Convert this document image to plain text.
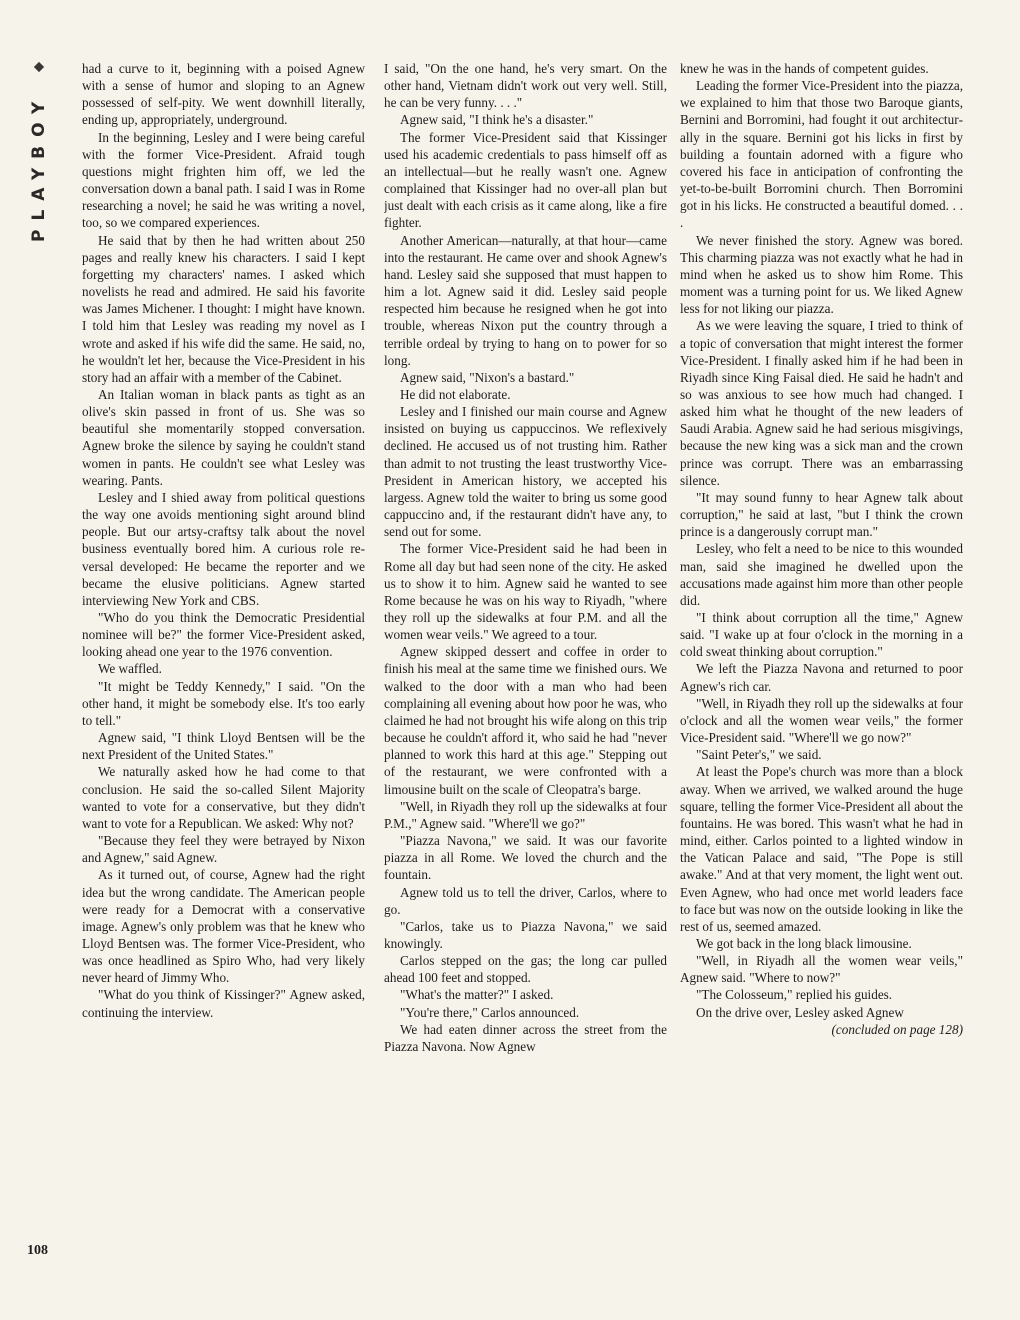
⬥
PLAYBOY

had a curve to it, beginning with a poised Agnew with a sense of humor and sloping to an Agnew possessed of self-pity. We went downhill literally, ending up, appropriately, underground.

In the beginning, Lesley and I were being careful with the former Vice-President. Afraid tough questions might frighten him off, we led the conversation down a banal path. I said I was in Rome researching a novel; he said he was writing a novel, too, so we compared experiences.

He said that by then he had written about 250 pages and really knew his characters. I said I kept forgetting my characters' names. I asked which novelists he read and admired. He said his favorite was James Michener. I thought: I might have known. I told him that Lesley was reading my novel as I wrote and asked if his wife did the same. He said, no, he wouldn't let her, because the Vice-President in his story had an affair with a member of the Cabinet.

An Italian woman in black pants as tight as an olive's skin passed in front of us. She was so beautiful she momentarily stopped conversation. Agnew broke the silence by saying he couldn't stand women in pants. He couldn't see what Lesley was wearing. Pants.

Lesley and I shied away from political questions the way one avoids mentioning sight around blind people. But our artsy-craftsy talk about the novel business eventually bored him. A curious role reversal developed: He became the reporter and we became the elusive politicians. Agnew started interviewing New York and CBS.

"Who do you think the Democratic Presidential nominee will be?" the former Vice-President asked, looking ahead one year to the 1976 convention.

We waffled.

"It might be Teddy Kennedy," I said. "On the other hand, it might be somebody else. It's too early to tell."

Agnew said, "I think Lloyd Bentsen will be the next President of the United States."

We naturally asked how he had come to that conclusion. He said the so-called Silent Majority wanted to vote for a conservative, but they didn't want to vote for a Republican. We asked: Why not?

"Because they feel they were betrayed by Nixon and Agnew," said Agnew.

As it turned out, of course, Agnew had the right idea but the wrong candidate. The American people were ready for a Democrat with a conservative image. Agnew's only problem was that he knew who Lloyd Bentsen was. The former Vice-President, who was once headlined as Spiro Who, had very likely never heard of Jimmy Who.

"What do you think of Kissinger?" Agnew asked, continuing the interview.

I said, "On the one hand, he's very smart. On the other hand, Vietnam didn't work out very well. Still, he can be very funny. . . ."

Agnew said, "I think he's a disaster."

The former Vice-President said that Kissinger used his academic credentials to pass himself off as an intellectual—but he really wasn't one. Agnew complained that Kissinger had no over-all plan but just dealt with each crisis as it came along, like a fire fighter.

Another American—naturally, at that hour—came into the restaurant. He came over and shook Agnew's hand. Lesley said she supposed that must happen to him a lot. Agnew said it did. Lesley said people respected him because he resigned when he got into trouble, whereas Nixon put the country through a terrible ordeal by trying to hang on to power for so long.

Agnew said, "Nixon's a bastard."

He did not elaborate.

Lesley and I finished our main course and Agnew insisted on buying us cappuccinos. We reflexively declined. He accused us of not trusting him. Rather than admit to not trusting the least trustworthy Vice-President in American history, we accepted his largess. Agnew told the waiter to bring us some good cappuccino and, if the restaurant didn't have any, to send out for some.

The former Vice-President said he had been in Rome all day but had seen none of the city. He asked us to show it to him. Agnew said he wanted to see Rome because he was on his way to Riyadh, "where they roll up the sidewalks at four P.M. and all the women wear veils." We agreed to a tour.

Agnew skipped dessert and coffee in order to finish his meal at the same time we finished ours. We walked to the door with a man who had been complaining all evening about how poor he was, who claimed he had not brought his wife along on this trip because he couldn't afford it, who said he had "never planned to work this hard at this age." Stepping out of the restaurant, we were confronted with a limousine built on the scale of Cleopatra's barge.

"Well, in Riyadh they roll up the sidewalks at four P.M.," Agnew said. "Where'll we go?"

"Piazza Navona," we said. It was our favorite piazza in all Rome. We loved the church and the fountain.

Agnew told us to tell the driver, Carlos, where to go.

"Carlos, take us to Piazza Navona," we said knowingly.

Carlos stepped on the gas; the long car pulled ahead 100 feet and stopped.

"What's the matter?" I asked.

"You're there," Carlos announced.

We had eaten dinner across the street from the Piazza Navona. Now Agnew

knew he was in the hands of competent guides.

Leading the former Vice-President into the piazza, we explained to him that those two Baroque giants, Bernini and Borromini, had fought it out architecturally in the square. Bernini got his licks in first by building a fountain adorned with a figure who covered his face in anticipation of confronting the yet-to-be-built Borromini church. Then Borromini got in his licks. He constructed a beautiful domed. . . .

We never finished the story. Agnew was bored. This charming piazza was not exactly what he had in mind when he asked us to show him Rome. This moment was a turning point for us. We liked Agnew less for not liking our piazza.

As we were leaving the square, I tried to think of a topic of conversation that might interest the former Vice-President. I finally asked him if he had been in Riyadh since King Faisal died. He said he hadn't and so was anxious to see how much had changed. I asked him what he thought of the new leaders of Saudi Arabia. Agnew said he had serious misgivings, because the new king was a sick man and the crown prince was corrupt. There was an embarrassing silence.

"It may sound funny to hear Agnew talk about corruption," he said at last, "but I think the crown prince is a dangerously corrupt man."

Lesley, who felt a need to be nice to this wounded man, said she imagined he dwelled upon the accusations made against him more than other people did.

"I think about corruption all the time," Agnew said. "I wake up at four o'clock in the morning in a cold sweat thinking about corruption."

We left the Piazza Navona and returned to poor Agnew's rich car.

"Well, in Riyadh they roll up the sidewalks at four o'clock and all the women wear veils," the former Vice-President said. "Where'll we go now?"

"Saint Peter's," we said.

At least the Pope's church was more than a block away. When we arrived, we walked around the huge square, telling the former Vice-President all about the fountains. He was bored. This wasn't what he had in mind, either. Carlos pointed to a lighted window in the Vatican Palace and said, "The Pope is still awake." And at that very moment, the light went out. Even Agnew, who had once met world leaders face to face but was now on the outside looking in like the rest of us, seemed amazed.

We got back in the long black limousine.

"Well, in Riyadh all the women wear veils," Agnew said. "Where to now?"

"The Colosseum," replied his guides.

On the drive over, Lesley asked Agnew

(concluded on page 128)

108
